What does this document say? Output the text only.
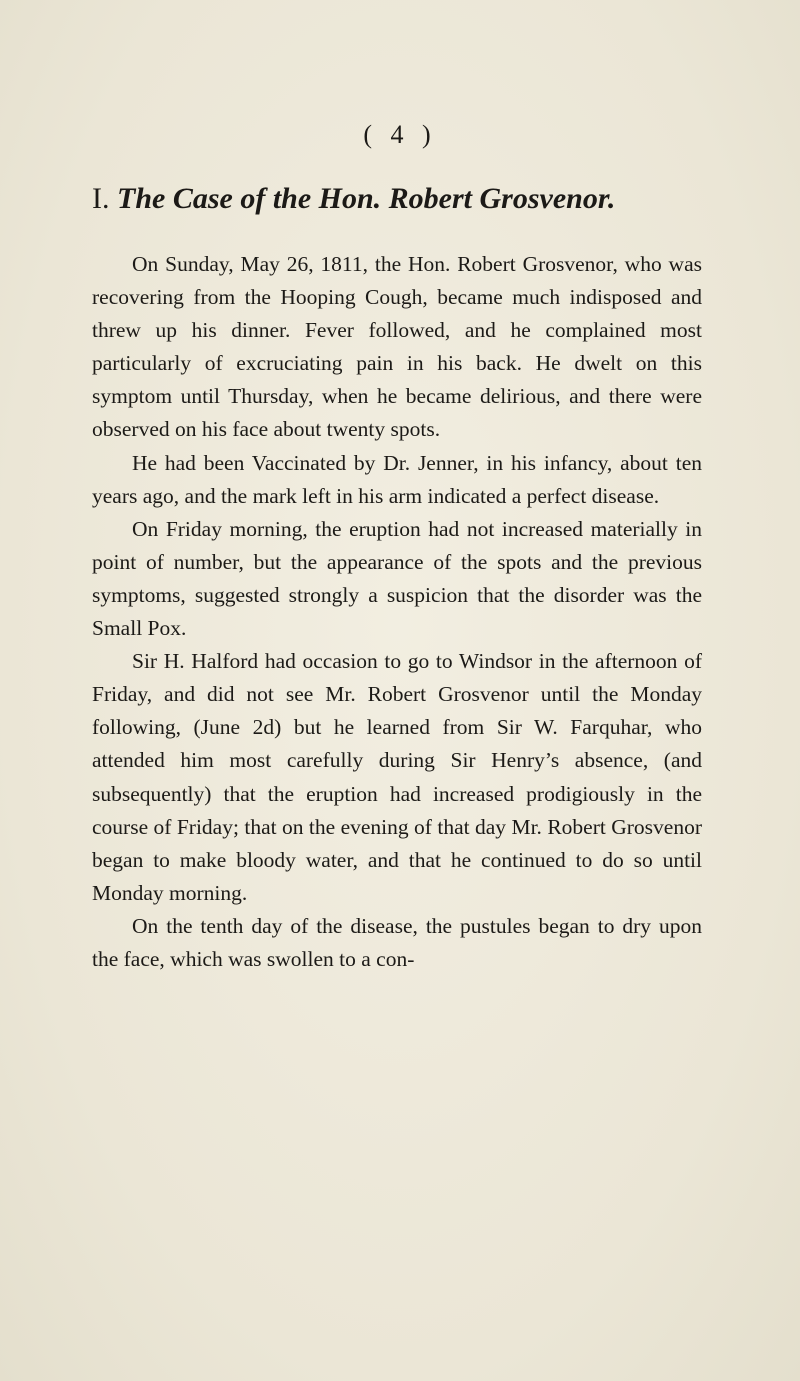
( 4 )
I. The Case of the Hon. Robert Grosvenor.

On Sunday, May 26, 1811, the Hon. Robert Grosvenor, who was recovering from the Hooping Cough, became much indisposed and threw up his dinner. Fever followed, and he complained most particularly of excruciating pain in his back. He dwelt on this symptom until Thursday, when he became delirious, and there were observed on his face about twenty spots.

He had been Vaccinated by Dr. Jenner, in his infancy, about ten years ago, and the mark left in his arm indicated a perfect disease.

On Friday morning, the eruption had not increased materially in point of number, but the appearance of the spots and the previous symptoms, suggested strongly a suspicion that the disorder was the Small Pox.

Sir H. Halford had occasion to go to Windsor in the afternoon of Friday, and did not see Mr. Robert Grosvenor until the Monday following, (June 2d) but he learned from Sir W. Farquhar, who attended him most carefully during Sir Henry’s absence, (and subsequently) that the eruption had increased prodigiously in the course of Friday; that on the evening of that day Mr. Robert Grosvenor began to make bloody water, and that he continued to do so until Monday morning.

On the tenth day of the disease, the pustules began to dry upon the face, which was swollen to a con-
